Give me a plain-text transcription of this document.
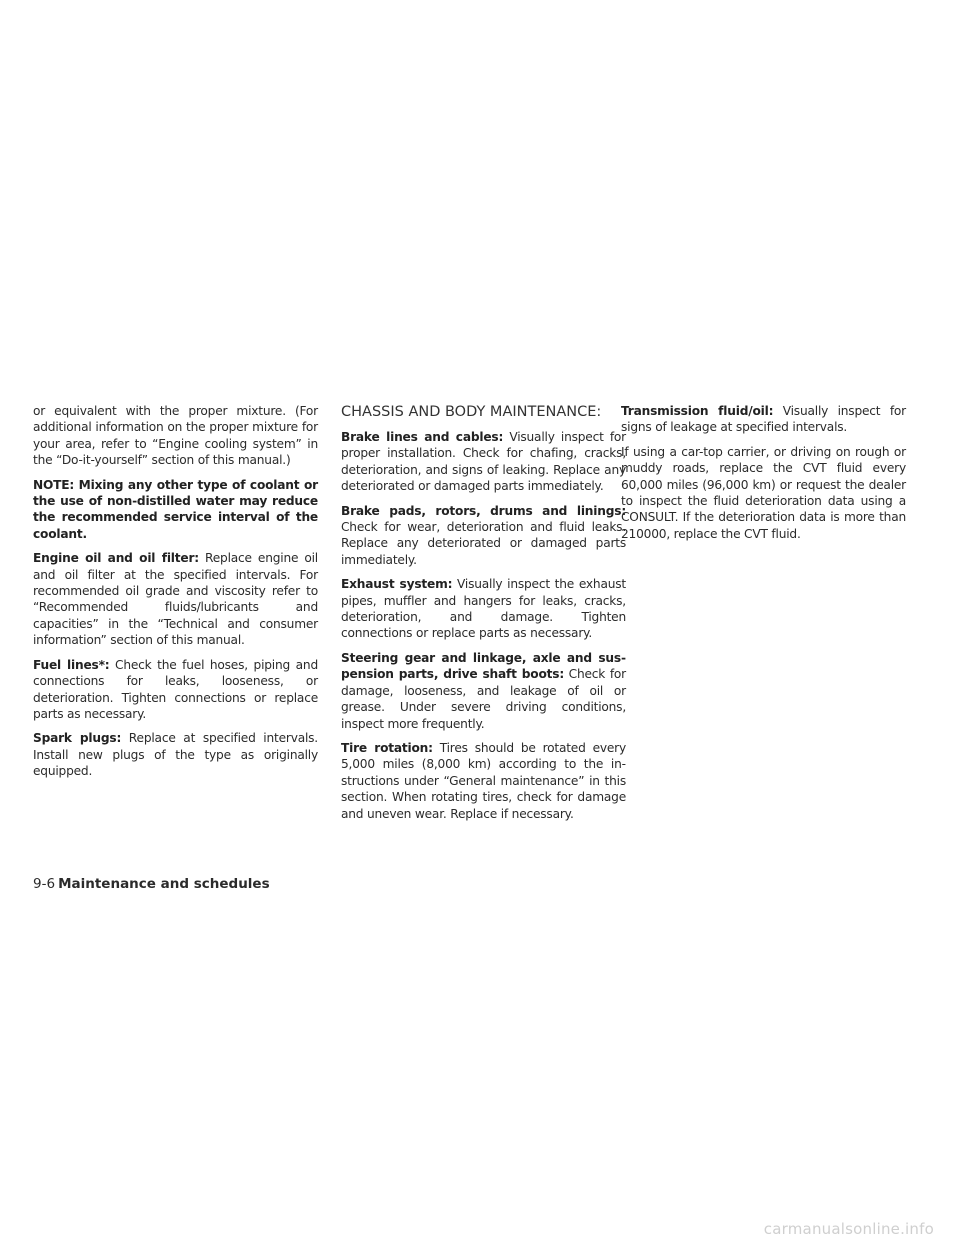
or equivalent with the proper mixture. (For additional information on the proper mixture for your area, refer to “Engine cooling system” in the “Do-it-yourself” section of this manual.)

NOTE: Mixing any other type of coolant or the use of non-distilled water may reduce the recommended service interval of the coolant.

Engine oil and oil filter: Replace engine oil and oil filter at the specified intervals. For recommended oil grade and viscosity refer to “Recommended fluids/lubricants and capacities” in the “Technical and consumer information” section of this manual.

Fuel lines*: Check the fuel hoses, piping and connections for leaks, looseness, or deterioration. Tighten connections or replace parts as necessary.

Spark plugs: Replace at specified intervals. Install new plugs of the type as originally equipped.

CHASSIS AND BODY MAINTENANCE:

Brake lines and cables: Visually inspect for proper installation. Check for chafing, cracks, deterioration, and signs of leaking. Replace any deteriorated or damaged parts immediately.

Brake pads, rotors, drums and linings: Check for wear, deterioration and fluid leaks. Replace any deteriorated or damaged parts immediately.

Exhaust system: Visually inspect the exhaust pipes, muffler and hangers for leaks, cracks, deterioration, and damage. Tighten connections or replace parts as necessary.

Steering gear and linkage, axle and suspension parts, drive shaft boots: Check for damage, looseness, and leakage of oil or grease. Under severe driving conditions, inspect more frequently.

Tire rotation: Tires should be rotated every 5,000 miles (8,000 km) according to the instructions under “General maintenance” in this section. When rotating tires, check for damage and uneven wear. Replace if necessary.

Transmission fluid/oil: Visually inspect for signs of leakage at specified intervals.

If using a car-top carrier, or driving on rough or muddy roads, replace the CVT fluid every 60,000 miles (96,000 km) or request the dealer to inspect the fluid deterioration data using a CONSULT. If the deterioration data is more than 210000, replace the CVT fluid.

9-6 Maintenance and schedules
carmanualsonline.info
